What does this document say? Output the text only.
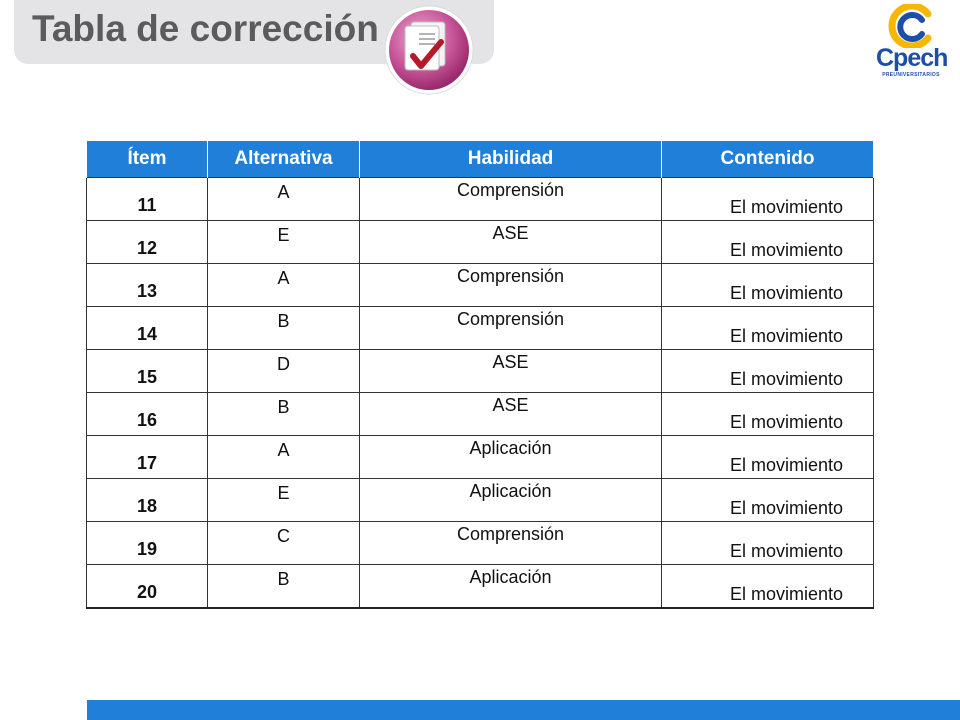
Tabla de corrección
Cpech
PREUNIVERSITARIOS
Ítem	Alternativa	Habilidad	Contenido
11	A	Comprensión	El movimiento
12	E	ASE	El movimiento
13	A	Comprensión	El movimiento
14	B	Comprensión	El movimiento
15	D	ASE	El movimiento
16	B	ASE	El movimiento
17	A	Aplicación	El movimiento
18	E	Aplicación	El movimiento
19	C	Comprensión	El movimiento
20	B	Aplicación	El movimiento
